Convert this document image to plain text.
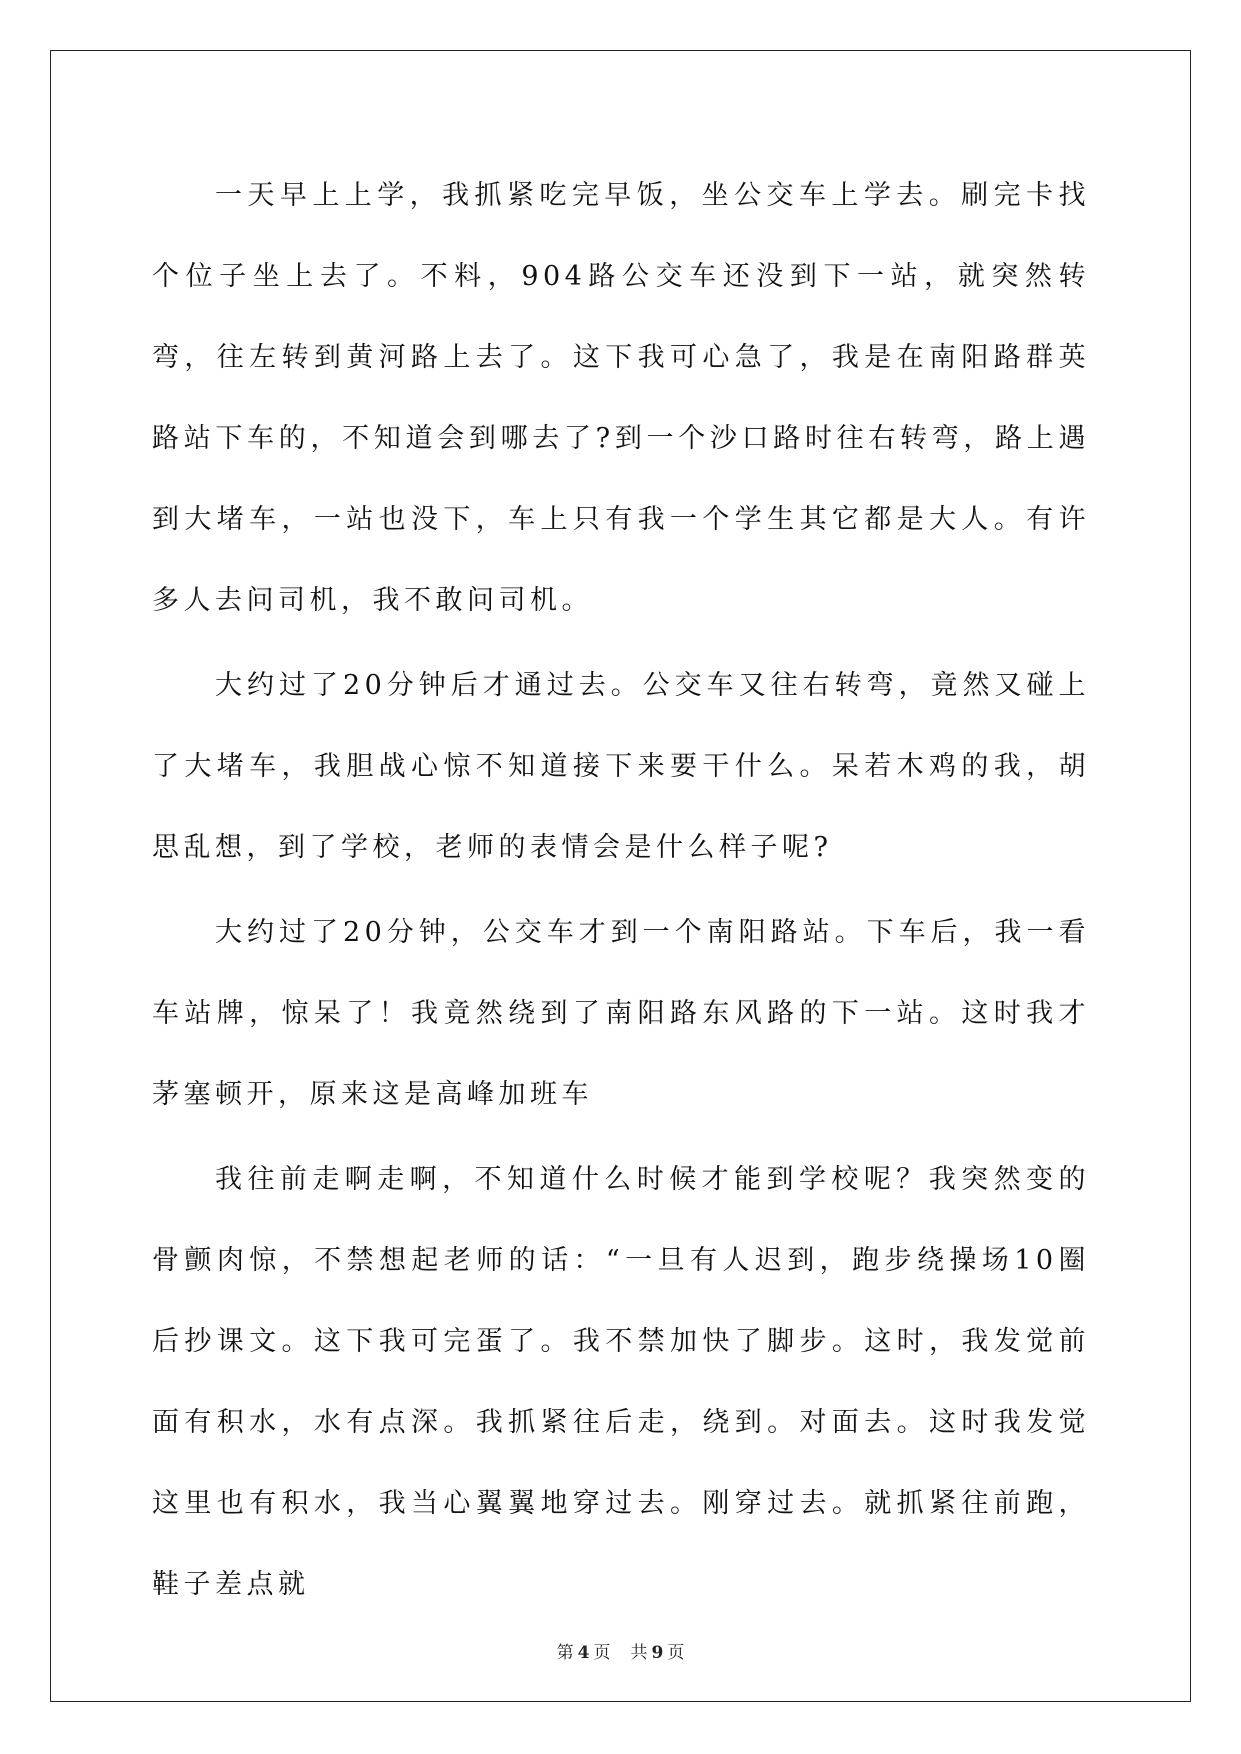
一天早上上学，我抓紧吃完早饭，坐公交车上学去。刷完卡找个位子坐上去了。不料，904路公交车还没到下一站，就突然转弯，往左转到黄河路上去了。这下我可心急了，我是在南阳路群英路站下车的，不知道会到哪去了?到一个沙口路时往右转弯，路上遇到大堵车，一站也没下，车上只有我一个学生其它都是大人。有许多人去问司机，我不敢问司机。

大约过了20分钟后才通过去。公交车又往右转弯，竟然又碰上了大堵车，我胆战心惊不知道接下来要干什么。呆若木鸡的我，胡思乱想，到了学校，老师的表情会是什么样子呢?

大约过了20分钟，公交车才到一个南阳路站。下车后，我一看车站牌，惊呆了！我竟然绕到了南阳路东风路的下一站。这时我才茅塞顿开，原来这是高峰加班车

我往前走啊走啊，不知道什么时候才能到学校呢？我突然变的骨颤肉惊，不禁想起老师的话：“一旦有人迟到，跑步绕操场10圈后抄课文。这下我可完蛋了。我不禁加快了脚步。这时，我发觉前面有积水，水有点深。我抓紧往后走，绕到。对面去。这时我发觉这里也有积水，我当心翼翼地穿过去。刚穿过去。就抓紧往前跑，鞋子差点就

第 4 页 共 9 页
